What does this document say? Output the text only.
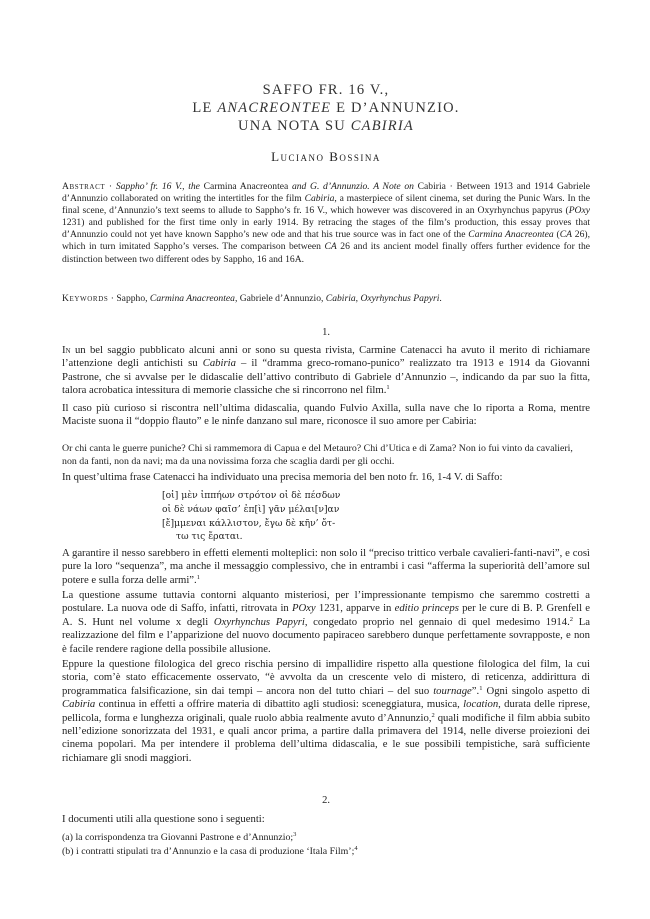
SAFFO FR. 16 V.,
LE ANACREONTEE E D’ANNUNZIO.
UNA NOTA SU CABIRIA
Luciano Bossina
Abstract · Sappho’ fr. 16 V., the Carmina Anacreontea and G. d’Annunzio. A Note on Cabiria · Between 1913 and 1914 Gabriele d’Annunzio collaborated on writing the intertitles for the film Cabiria, a masterpiece of silent cinema, set during the Punic Wars. In the final scene, d’Annunzio’s text seems to allude to Sappho’s fr. 16 V., which however was discovered in an Oxyrhynchus papyrus (POxy 1231) and published for the first time only in early 1914. By retracing the stages of the film’s production, this essay proves that d’Annunzio could not yet have known Sappho’s new ode and that his true source was in fact one of the Carmina Anacreontea (CA 26), which in turn imitated Sappho’s verses. The comparison between CA 26 and its ancient model finally offers further evidence for the distinction between two different odes by Sappho, 16 and 16A.
Keywords · Sappho, Carmina Anacreontea, Gabriele d’Annunzio, Cabiria, Oxyrhynchus Papyri.
1.
In un bel saggio pubblicato alcuni anni or sono su questa rivista, Carmine Catenacci ha avuto il merito di richiamare l’attenzione degli antichisti su Cabiria – il “dramma greco-romano-punico” realizzato tra 1913 e 1914 da Giovanni Pastrone, che si avvalse per le didascalie dell’attivo contributo di Gabriele d’Annunzio –, indicando da par suo la fitta, talora acrobatica intessitura di memorie classiche che si rincorrono nel film.$^1$
Il caso più curioso si riscontra nell’ultima didascalia, quando Fulvio Axilla, sulla nave che lo riporta a Roma, mentre Maciste suona il “doppio flauto” e le ninfe danzano sul mare, riconosce il suo amore per Cabiria:
Or chi canta le guerre puniche? Chi si rammemora di Capua e del Metauro? Chi d’Utica e di Zama? Non io fui vinto da cavalieri, non da fanti, non da navi; ma da una novissima forza che scaglia dardi per gli occhi.
In quest’ultima frase Catenacci ha individuato una precisa memoria del ben noto fr. 16, 1-4 V. di Saffo:
[οἰ] μὲν ἰππήων στρότον οἰ δὲ πέσδων
οἰ δὲ νάων φαῖσ’ ἐπ[ὶ] γᾶν μέλαι[ν]αν
[ἔ]μμεναι κάλλιστον, ἔγω δὲ κῆν’ ὄτ-
τω τις ἔραται.
A garantire il nesso sarebbero in effetti elementi molteplici: non solo il “preciso trittico verbale cavalieri-fanti-navi”, e così pure la loro “sequenza”, ma anche il messaggio complessivo, che in entrambi i casi “afferma la superiorità dell’amore sul potere e sulla forza delle armi”.$^1$
La questione assume tuttavia contorni alquanto misteriosi, per l’impressionante tempismo che saremmo costretti a postulare. La nuova ode di Saffo, infatti, ritrovata in POxy 1231, apparve in editio princeps per le cure di B. P. Grenfell e A. S. Hunt nel volume x degli Oxyrhynchus Papyri, congedato proprio nel gennaio di quel medesimo 1914.$^2$ La realizzazione del film e l’apparizione del nuovo documento papiraceo sarebbero dunque perfettamente sovrapposte, e non è facile rendere ragione della possibile allusione.
Eppure la questione filologica del greco rischia persino di impallidire rispetto alla questione filologica del film, la cui storia, com’è stato efficacemente osservato, “è avvolta da un crescente velo di mistero, di reticenza, addirittura di programmatica falsificazione, sin dai tempi – ancora non del tutto chiari – del suo tournage”.$^1$ Ogni singolo aspetto di Cabiria continua in effetti a offrire materia di dibattito agli studiosi: sceneggiatura, musica, location, durata delle riprese, pellicola, forma e lunghezza originali, quale ruolo abbia realmente avuto d’Annunzio,$^2$ quali modifiche il film abbia subito nell’edizione sonorizzata del 1931, e quali ancor prima, a partire dalla primavera del 1914, nelle diverse proiezioni dei cinema popolari. Ma per intendere il problema dell’ultima didascalia, e le sue possibili tempistiche, sarà sufficiente richiamare gli snodi maggiori.
2.
I documenti utili alla questione sono i seguenti:
(a) la corrispondenza tra Giovanni Pastrone e d’Annunzio;$^3$
(b) i contratti stipulati tra d’Annunzio e la casa di produzione ‘Itala Film’;$^4$
